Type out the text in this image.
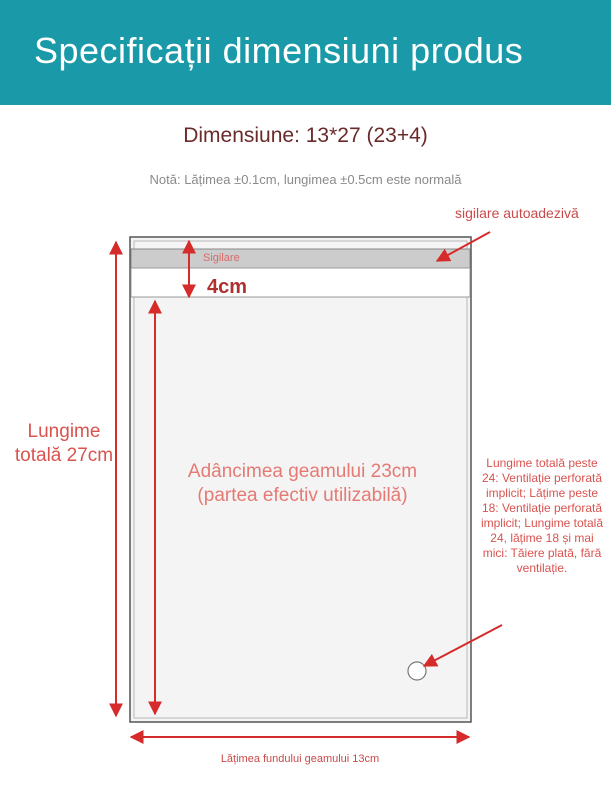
Specificații dimensiuni produs
Dimensiune: 13*27 (23+4)
Notă: Lățimea ±0.1cm, lungimea ±0.5cm este normală
sigilare autoadezivă
Sigilare
4cm
Lungime totală 27cm
Adâncimea geamului 23cm (partea efectiv utilizabilă)
Lungime totală peste 24: Ventilație perforată implicit; Lățime peste 18: Ventilație perforată implicit; Lungime totală 24, lățime 18 și mai mici: Tăiere plată, fără ventilație.
Lățimea fundului geamului 13cm
